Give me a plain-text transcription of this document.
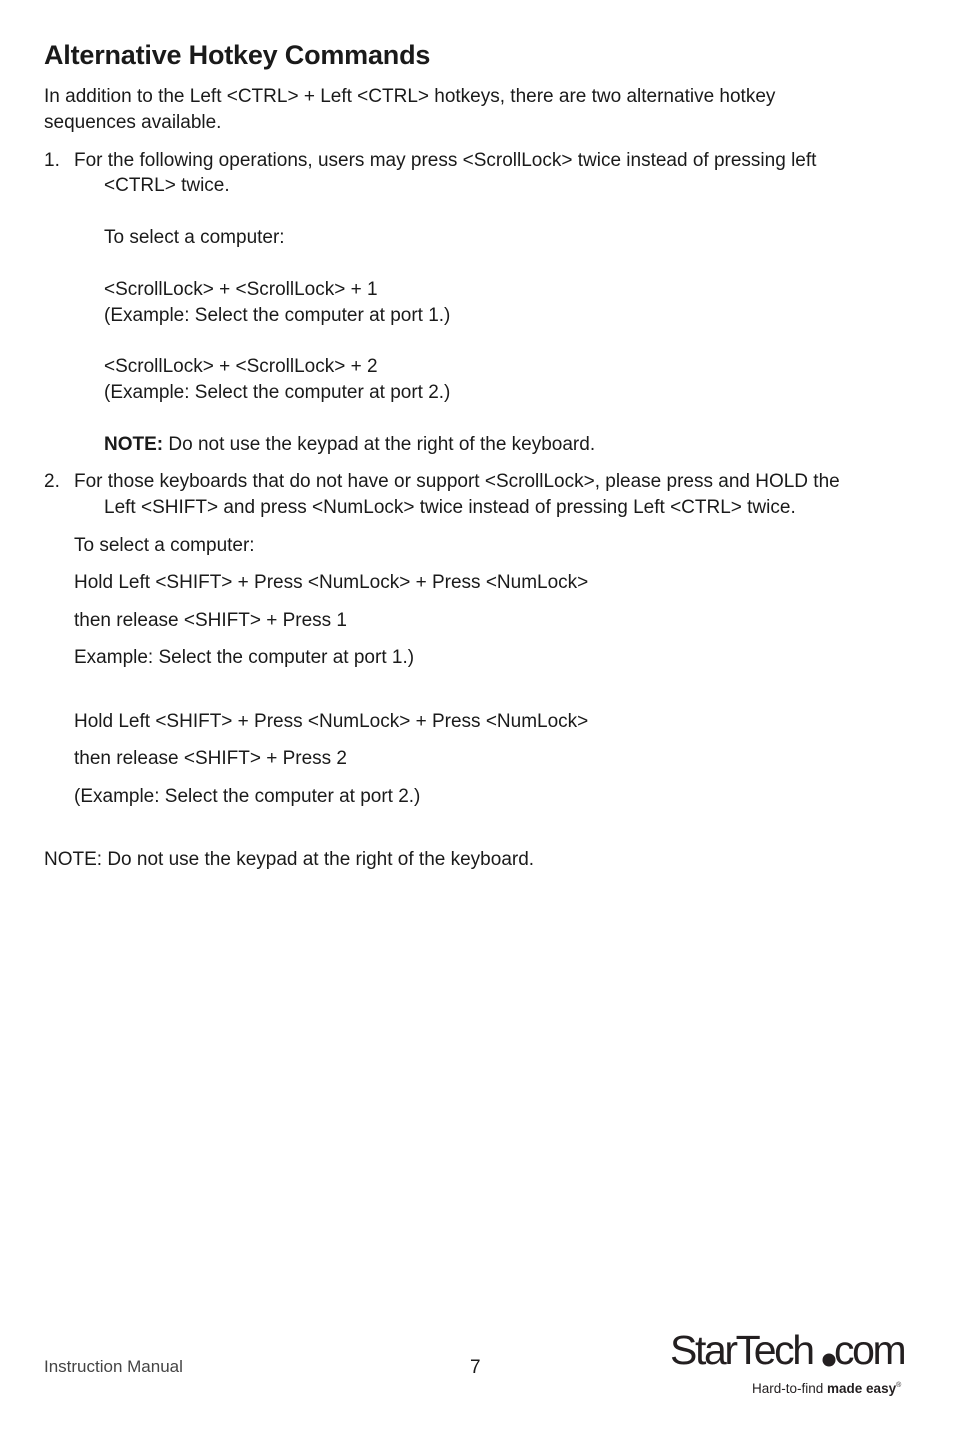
Alternative Hotkey Commands
In addition to the Left <CTRL> + Left <CTRL> hotkeys, there are two alternative hotkey
sequences available.
1. For the following operations, users may press <ScrollLock> twice instead of pressing left
<CTRL> twice.
To select a computer:
<ScrollLock> + <ScrollLock> + 1
(Example: Select the computer at port 1.)
<ScrollLock> + <ScrollLock> + 2
(Example: Select the computer at port 2.)
NOTE: Do not use the keypad at the right of the keyboard.
2. For those keyboards that do not have or support <ScrollLock>, please press and HOLD the
Left <SHIFT> and press <NumLock> twice instead of pressing Left <CTRL> twice.
To select a computer:
Hold Left <SHIFT> + Press <NumLock> + Press <NumLock>
then release <SHIFT> + Press 1
Example: Select the computer at port 1.)
Hold Left <SHIFT> + Press <NumLock> + Press <NumLock>
then release <SHIFT> + Press 2
(Example: Select the computer at port 2.)
NOTE: Do not use the keypad at the right of the keyboard.
Instruction Manual	7	StarTech com
Hard-to-find made easy®
